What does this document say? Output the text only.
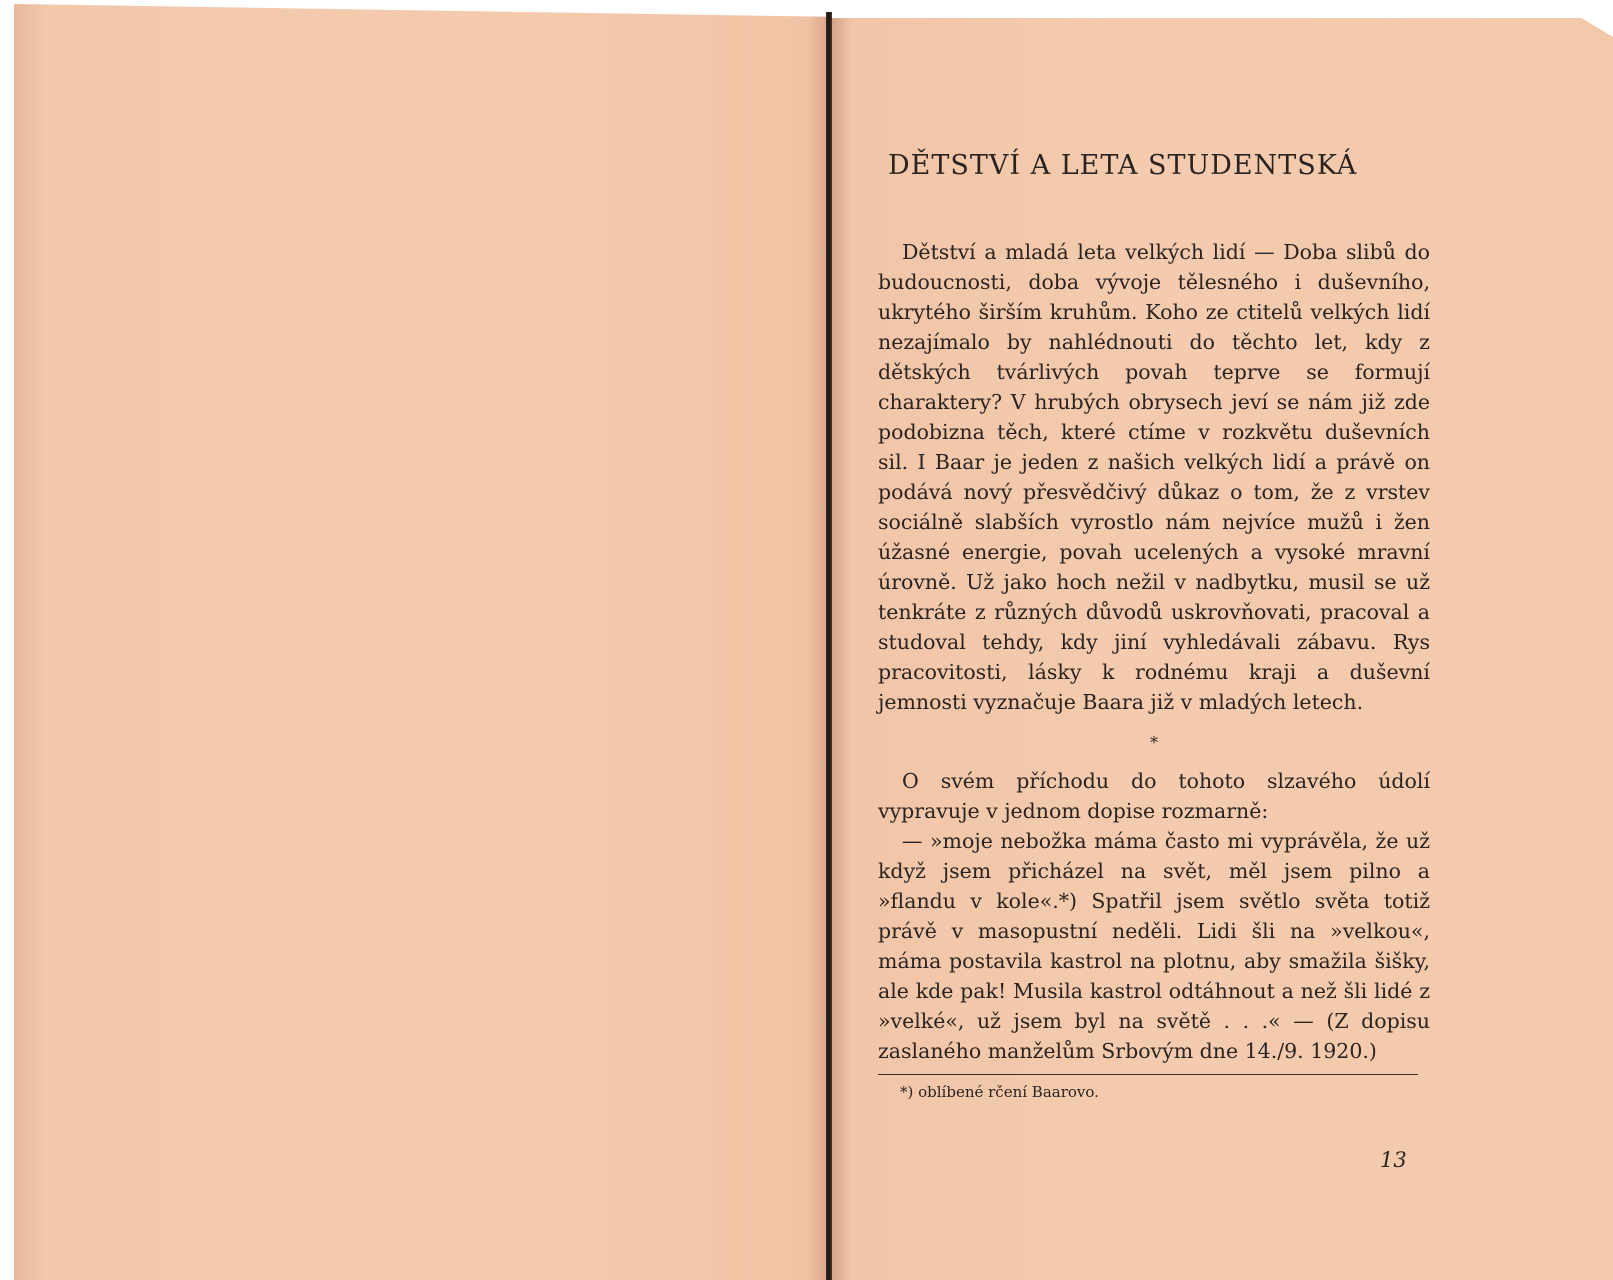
DĚTSTVÍ A LETA STUDENTSKÁ

Dětství a mladá leta velkých lidí — Doba slibů do budoucnosti, doba vývoje tělesného i duševního, ukrytého širším kruhům. Koho ze ctitelů velkých lidí nezajímalo by nahlédnouti do těchto let, kdy z dětských tvárlivých povah teprve se formují charaktery? V hrubých obrysech jeví se nám již zde podobizna těch, které ctíme v rozkvětu duševních sil. I Baar je jeden z našich velkých lidí a právě on podává nový přesvědčivý důkaz o tom, že z vrstev sociálně slabších vyrostlo nám nejvíce mužů i žen úžasné energie, povah ucelených a vysoké mravní úrovně. Už jako hoch nežil v nadbytku, musil se už tenkráte z různých důvodů uskrovňovati, pracoval a studoval tehdy, kdy jiní vyhledávali zábavu. Rys pracovitosti, lásky k rodnému kraji a duševní jemnosti vyznačuje Baara již v mladých letech.

*

O svém příchodu do tohoto slzavého údolí vypravuje v jednom dopise rozmarně:

— »moje nebožka máma často mi vyprávěla, že už když jsem přicházel na svět, měl jsem pilno a »flandu v kole«.*) Spatřil jsem světlo světa totiž právě v masopustní neděli. Lidi šli na »velkou«, máma postavila kastrol na plotnu, aby smažila šišky, ale kde pak! Musila kastrol odtáhnout a než šli lidé z »velké«, už jsem byl na světě . . .« — (Z dopisu zaslaného manželům Srbovým dne 14./9. 1920.)

*) oblíbené rčení Baarovo.
13
